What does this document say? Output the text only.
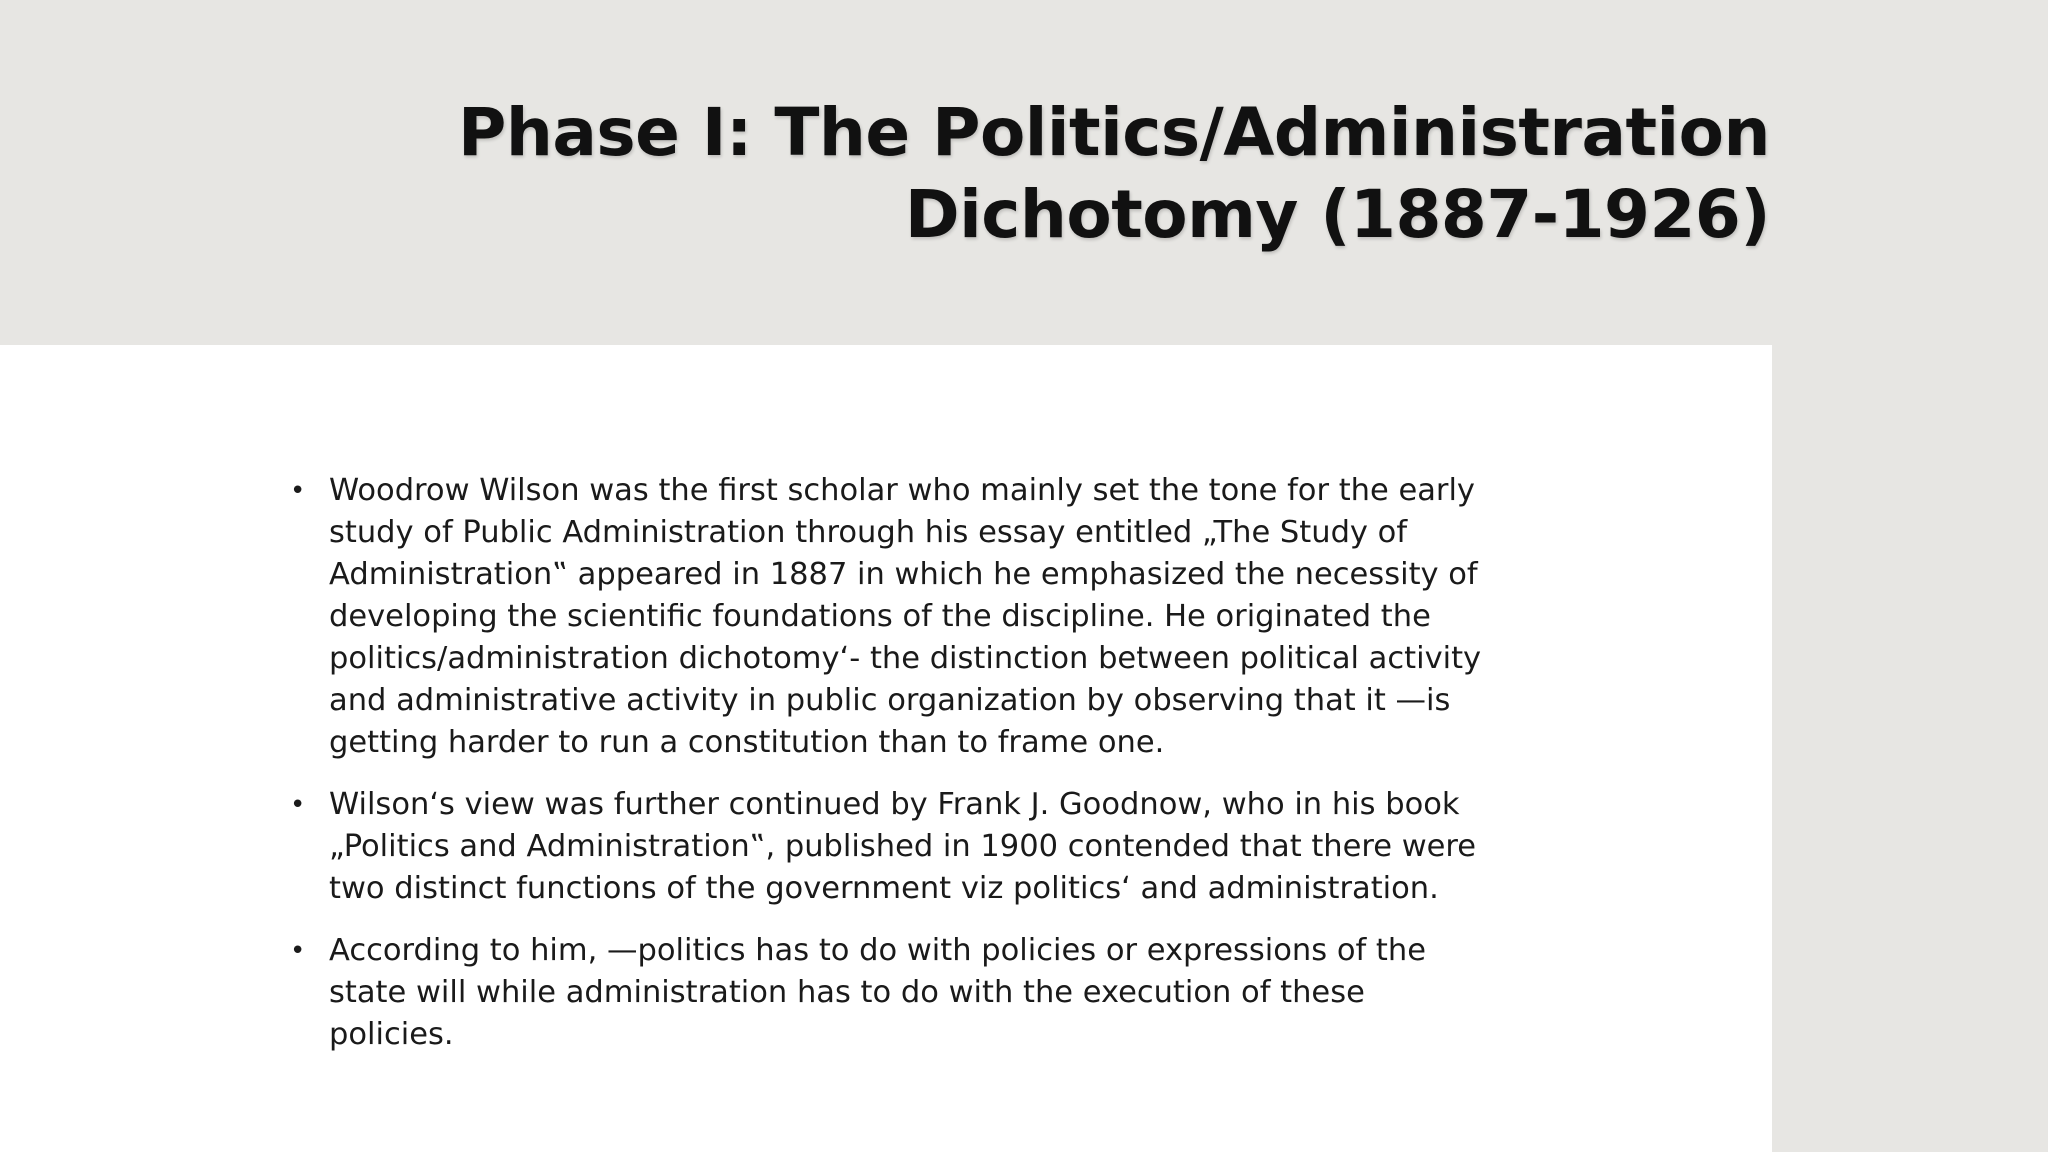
Phase I: The Politics/Administration
Dichotomy (1887-1926)
• Woodrow Wilson was the first scholar who mainly set the tone for the early study of Public Administration through his essay entitled „The Study of Administration‟ appeared in 1887 in which he emphasized the necessity of developing the scientific foundations of the discipline. He originated the politics/administration dichotomy‘- the distinction between political activity and administrative activity in public organization by observing that it —is getting harder to run a constitution than to frame one.
• Wilson‘s view was further continued by Frank J. Goodnow, who in his book „Politics and Administration‟, published in 1900 contended that there were two distinct functions of the government viz politics‘ and administration.
• According to him, —politics has to do with policies or expressions of the state will while administration has to do with the execution of these policies.
